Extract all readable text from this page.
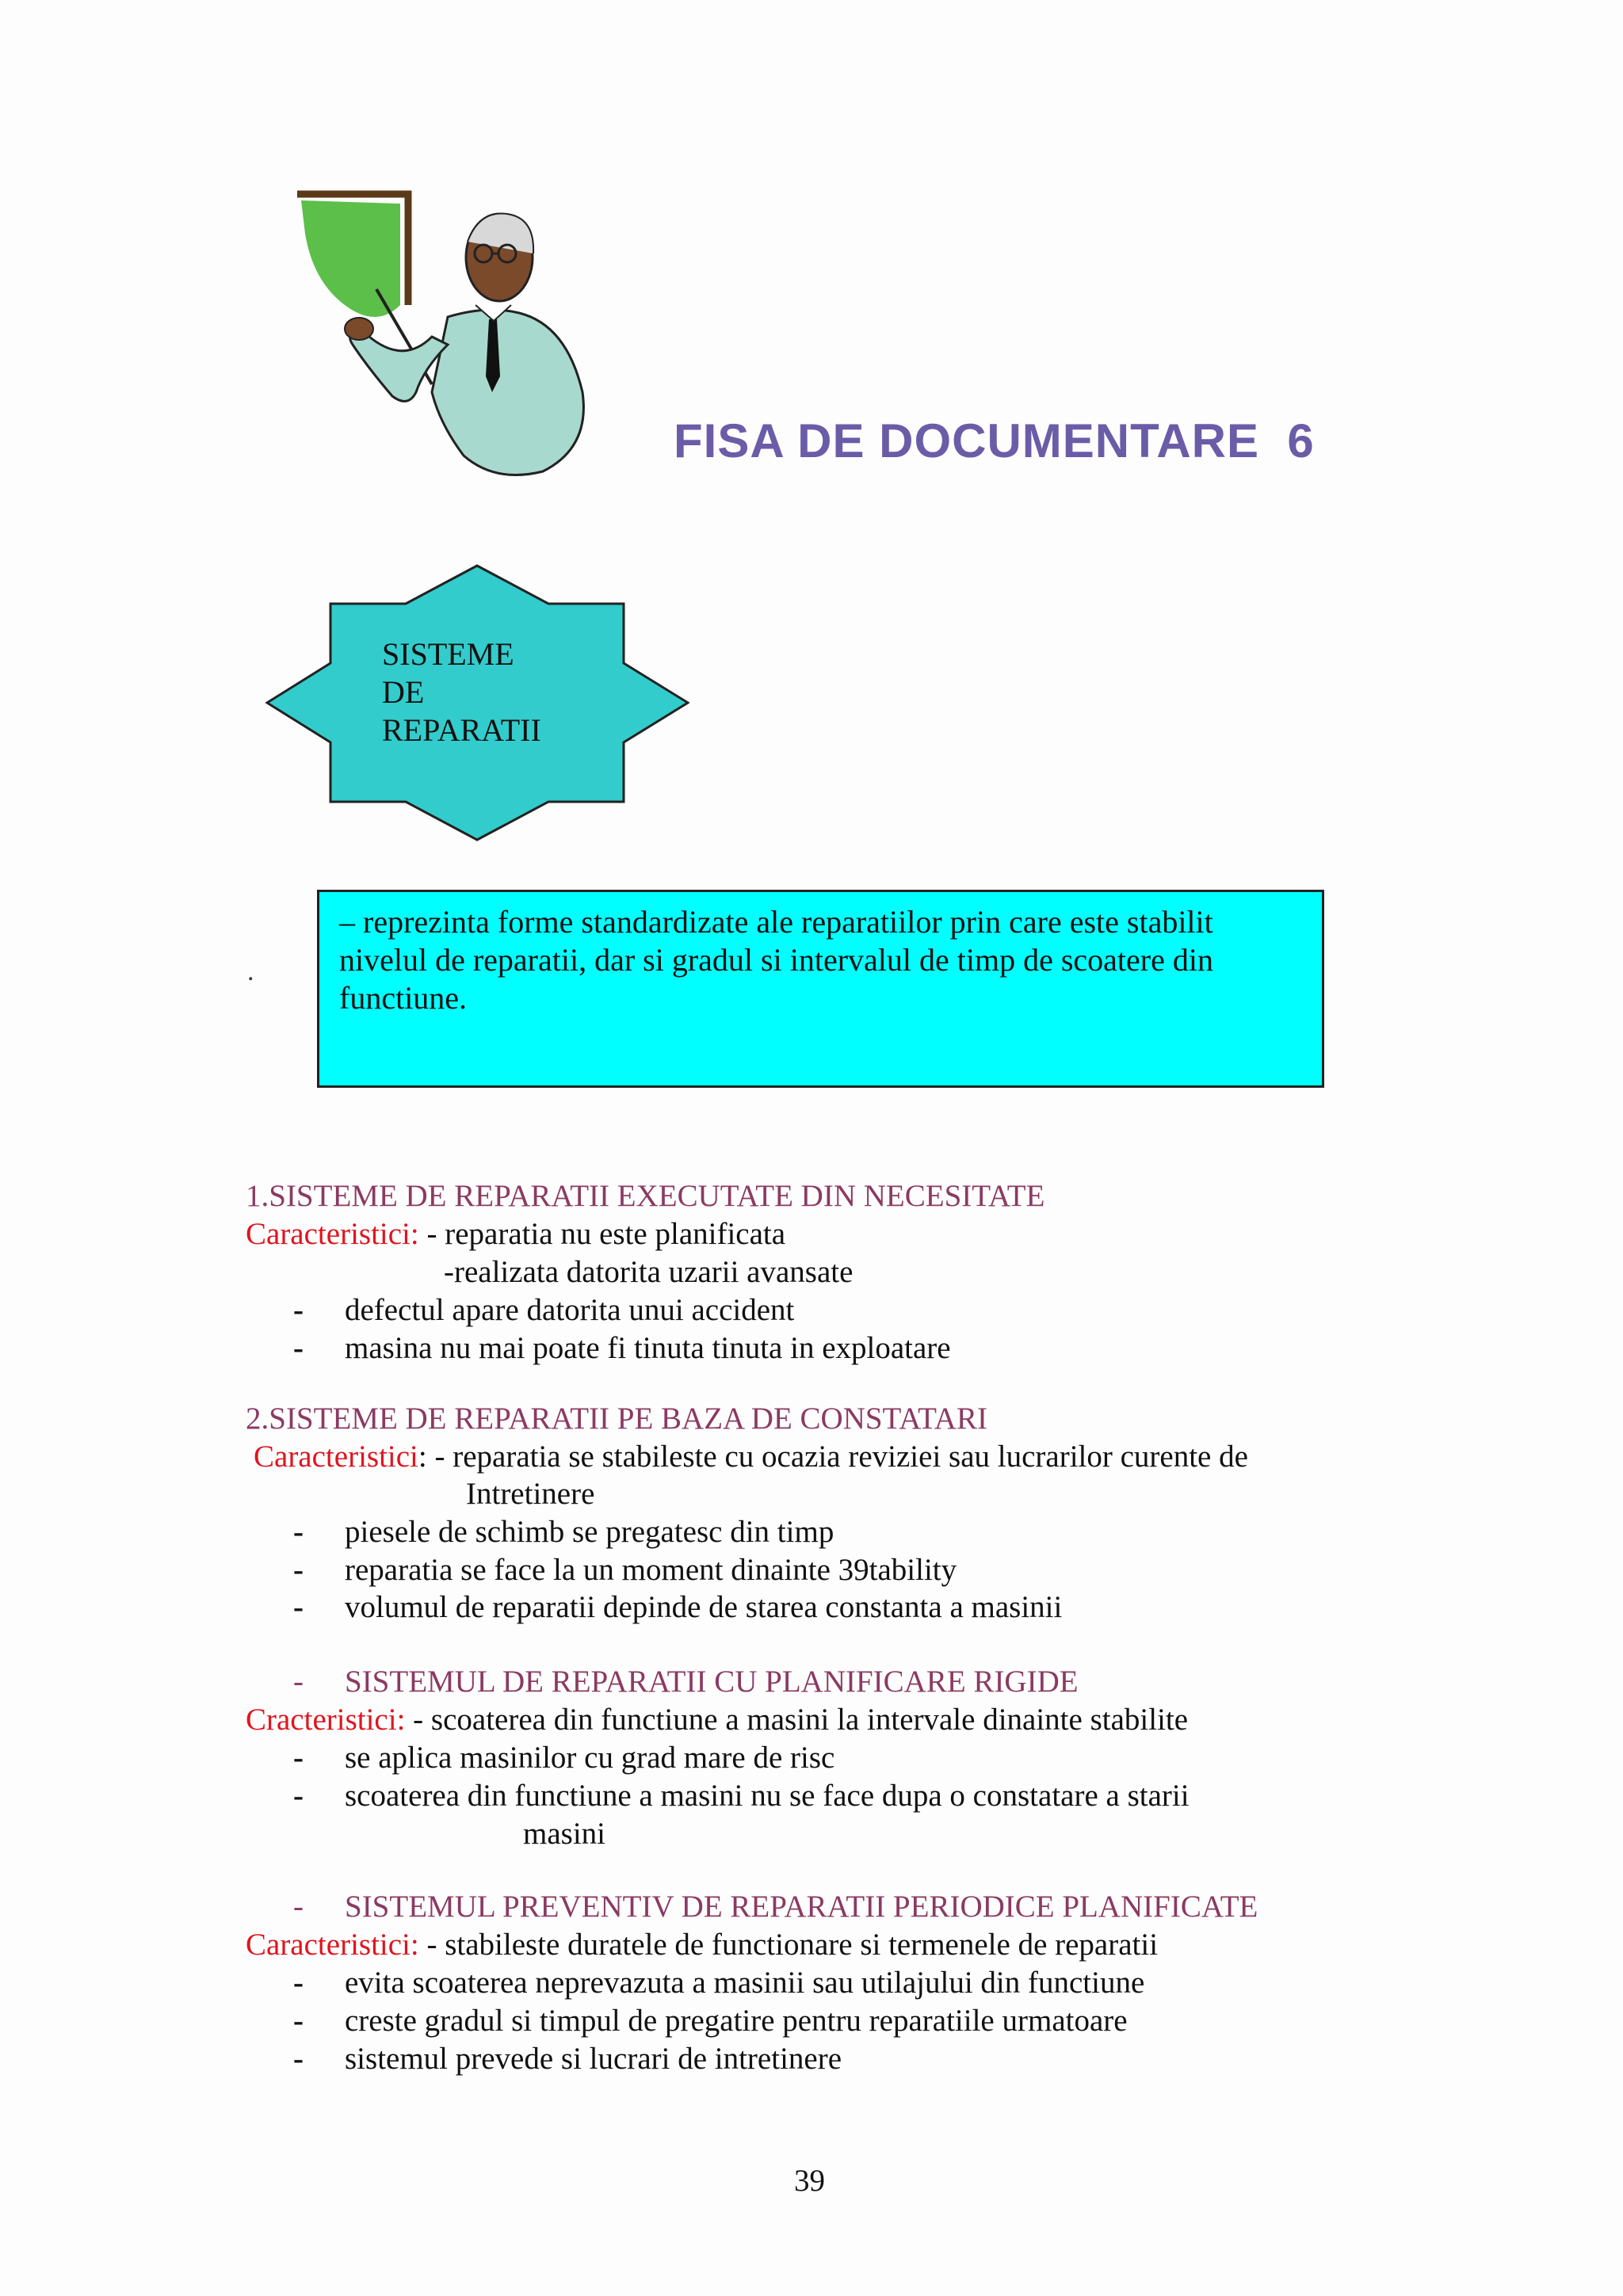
FISA DE DOCUMENTARE  6
SISTEME
DE
REPARATII
.
– reprezinta forme standardizate ale reparatiilor prin care este stabilit nivelul de reparatii, dar si gradul si intervalul de timp de scoatere din functiune.
1.SISTEME DE REPARATII EXECUTATE DIN NECESITATE
Caracteristici: - reparatia nu este planificata
-realizata datorita uzarii avansate
- defectul apare datorita unui accident
- masina nu mai poate fi tinuta tinuta in exploatare
2.SISTEME DE REPARATII PE BAZA DE CONSTATARI
Caracteristici: - reparatia se stabileste cu ocazia reviziei sau lucrarilor curente de
Intretinere
- piesele de schimb se pregatesc din timp
- reparatia se face la un moment dinainte 39tability
- volumul de reparatii depinde de starea constanta a masinii
- SISTEMUL DE REPARATII CU PLANIFICARE RIGIDE
Cracteristici: - scoaterea din functiune a masini la intervale dinainte stabilite
- se aplica masinilor cu grad mare de risc
- scoaterea din functiune a masini nu se face dupa o constatare a starii
masini
- SISTEMUL PREVENTIV DE REPARATII PERIODICE PLANIFICATE
Caracteristici: - stabileste duratele de functionare si termenele de reparatii
- evita scoaterea neprevazuta a masinii sau utilajului din functiune
- creste gradul si timpul de pregatire pentru reparatiile urmatoare
- sistemul prevede si lucrari de intretinere
39
